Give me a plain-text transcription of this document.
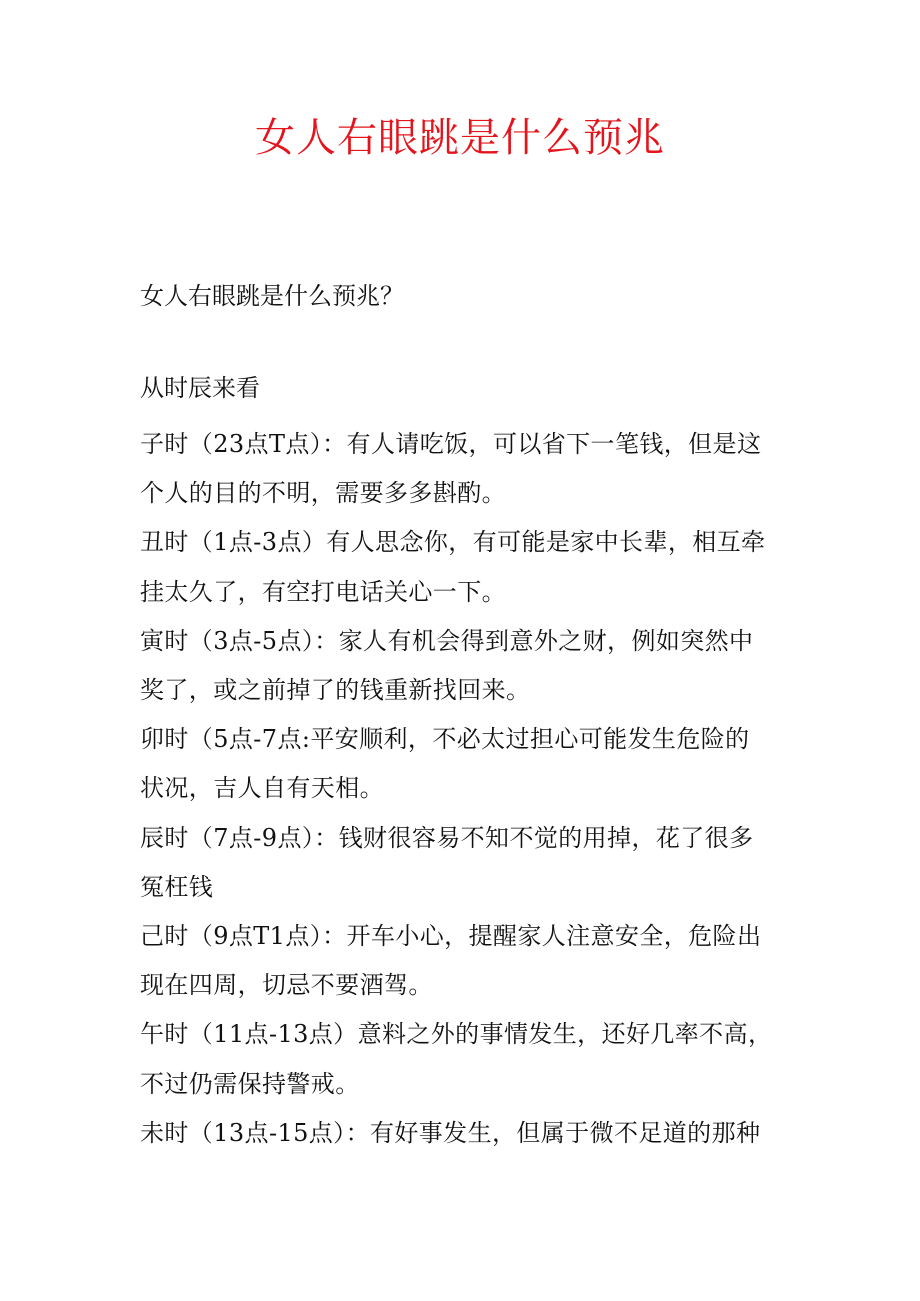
女人右眼跳是什么预兆
女人右眼跳是什么预兆？
从时辰来看
子时（23点T点）：有人请吃饭，可以省下一笔钱，但是这
个人的目的不明，需要多多斟酌。
丑时（1点-3点）有人思念你，有可能是家中长辈，相互牵
挂太久了，有空打电话关心一下。
寅时（3点-5点）：家人有机会得到意外之财，例如突然中
奖了，或之前掉了的钱重新找回来。
卯时（5点-7点:平安顺利，不必太过担心可能发生危险的
状况，吉人自有天相。
辰时（7点-9点）：钱财很容易不知不觉的用掉，花了很多
冤枉钱
己时（9点T1点）：开车小心，提醒家人注意安全，危险出
现在四周，切忌不要酒驾。
午时（11点-13点）意料之外的事情发生，还好几率不高，
不过仍需保持警戒。
未时（13点-15点）：有好事发生，但属于微不足道的那种
